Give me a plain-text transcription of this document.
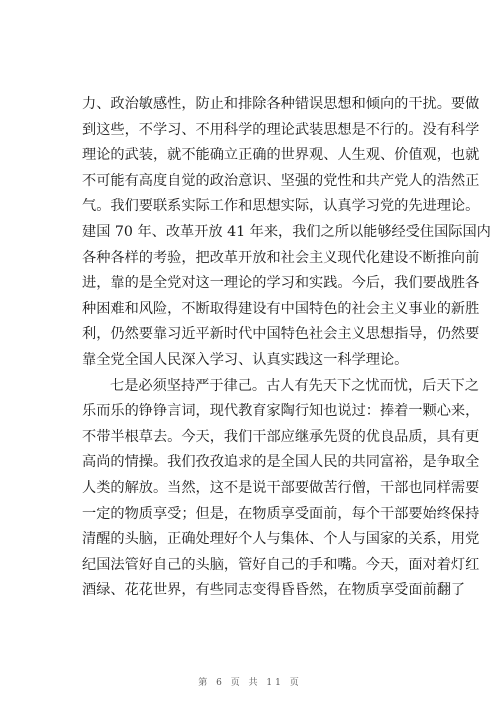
力、政治敏感性，防止和排除各种错误思想和倾向的干扰。要做
到这些，不学习、不用科学的理论武装思想是不行的。没有科学
理论的武装，就不能确立正确的世界观、人生观、价值观，也就
不可能有高度自觉的政治意识、坚强的党性和共产党人的浩然正
气。我们要联系实际工作和思想实际，认真学习党的先进理论。
建国 70 年、改革开放 41 年来，我们之所以能够经受住国际国内
各种各样的考验，把改革开放和社会主义现代化建设不断推向前
进，靠的是全党对这一理论的学习和实践。今后，我们要战胜各
种困难和风险，不断取得建设有中国特色的社会主义事业的新胜
利，仍然要靠习近平新时代中国特色社会主义思想指导，仍然要
靠全党全国人民深入学习、认真实践这一科学理论。
七是必须坚持严于律己。古人有先天下之忧而忧，后天下之
乐而乐的铮铮言词，现代教育家陶行知也说过：捧着一颗心来，
不带半根草去。今天，我们干部应继承先贤的优良品质，具有更
高尚的情操。我们孜孜追求的是全国人民的共同富裕，是争取全
人类的解放。当然，这不是说干部要做苦行僧，干部也同样需要
一定的物质享受；但是，在物质享受面前，每个干部要始终保持
清醒的头脑，正确处理好个人与集体、个人与国家的关系，用党
纪国法管好自己的头脑，管好自己的手和嘴。今天，面对着灯红
酒绿、花花世界，有些同志变得昏昏然，在物质享受面前翻了
第 6 页 共 11 页
